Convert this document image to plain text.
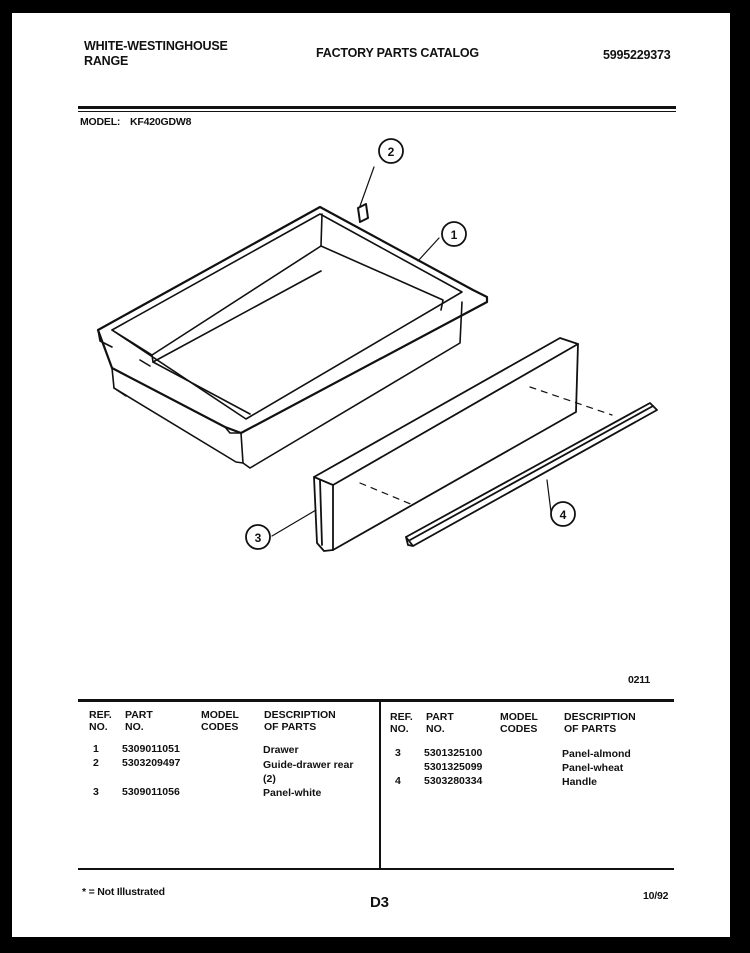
WHITE-WESTINGHOUSE
RANGE
FACTORY PARTS CATALOG	5995229373
MODEL: KF420GDW8
2
1
3
4
0211
REF.
NO.
PART
NO.
MODEL
CODES
DESCRIPTION
OF PARTS
REF.
NO.
PART
NO.
MODEL
CODES
DESCRIPTION
OF PARTS
1 5309011051	Drawer
2 5303209497	Guide-drawer rear
(2)
3 5309011056	Panel-white
3 5301325100	Panel-almond
5301325099	Panel-wheat
4 5303280334	Handle
* = Not Illustrated
D3	10/92
